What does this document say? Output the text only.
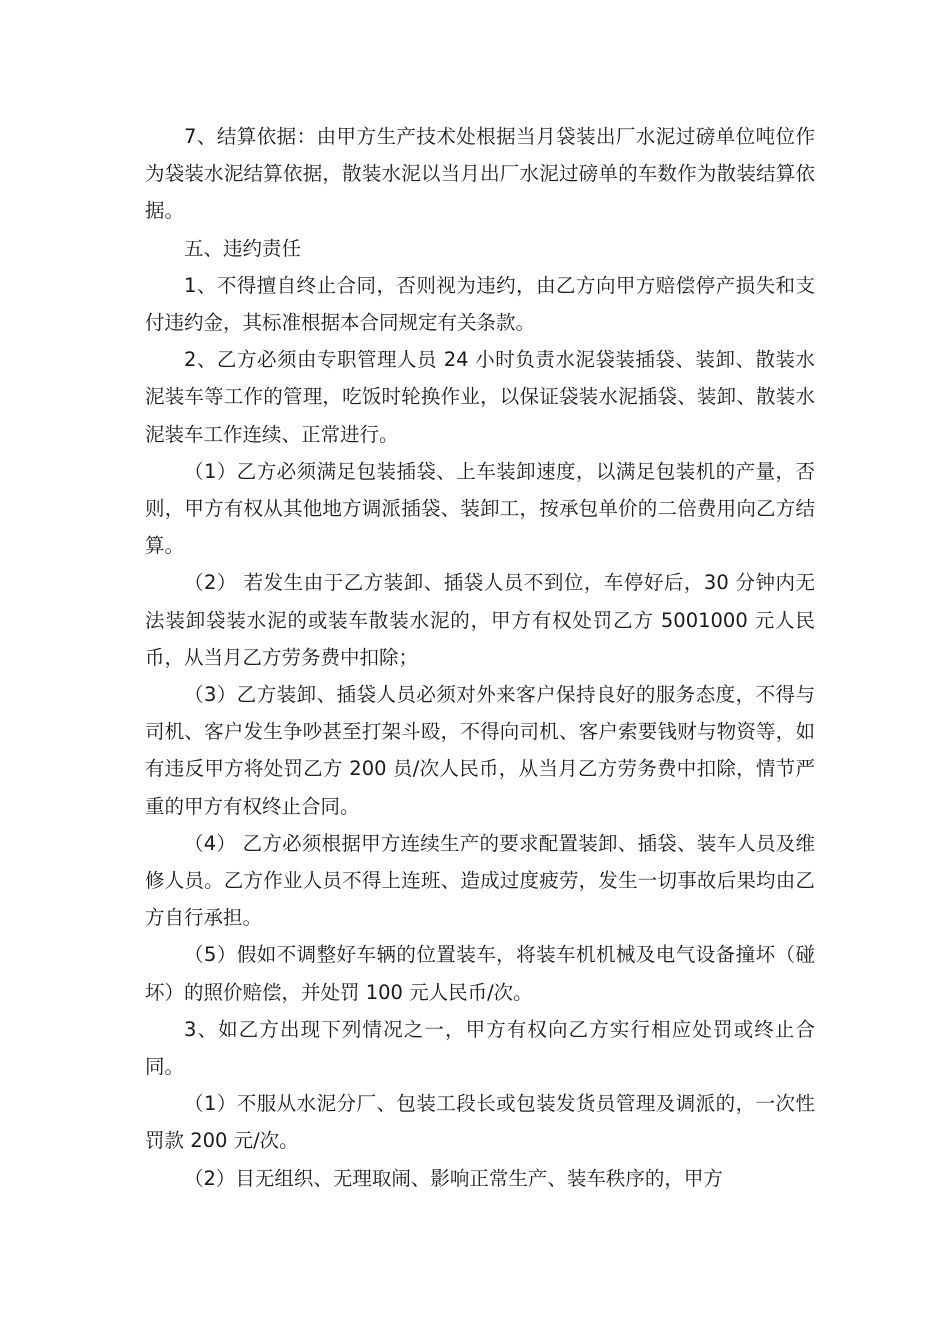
7、结算依据：由甲方生产技术处根据当月袋装出厂水泥过磅单位吨位作为袋装水泥结算依据，散装水泥以当月出厂水泥过磅单的车数作为散装结算依据。

五、违约责任

1、不得擅自终止合同，否则视为违约，由乙方向甲方赔偿停产损失和支付违约金，其标准根据本合同规定有关条款。

2、乙方必须由专职管理人员 24 小时负责水泥袋装插袋、装卸、散装水泥装车等工作的管理，吃饭时轮换作业，以保证袋装水泥插袋、装卸、散装水泥装车工作连续、正常进行。

（1）乙方必须满足包装插袋、上车装卸速度，以满足包装机的产量，否则，甲方有权从其他地方调派插袋、装卸工，按承包单价的二倍费用向乙方结算。

（2） 若发生由于乙方装卸、插袋人员不到位，车停好后，30 分钟内无法装卸袋装水泥的或装车散装水泥的，甲方有权处罚乙方 5001000 元人民币，从当月乙方劳务费中扣除；

（3）乙方装卸、插袋人员必须对外来客户保持良好的服务态度，不得与司机、客户发生争吵甚至打架斗殴，不得向司机、客户索要钱财与物资等，如有违反甲方将处罚乙方 200 员/次人民币，从当月乙方劳务费中扣除，情节严重的甲方有权终止合同。

（4） 乙方必须根据甲方连续生产的要求配置装卸、插袋、装车人员及维修人员。乙方作业人员不得上连班、造成过度疲劳，发生一切事故后果均由乙方自行承担。

（5）假如不调整好车辆的位置装车，将装车机机械及电气设备撞坏（碰坏）的照价赔偿，并处罚 100 元人民币/次。

3、如乙方出现下列情况之一，甲方有权向乙方实行相应处罚或终止合同。

（1）不服从水泥分厂、包装工段长或包装发货员管理及调派的，一次性罚款 200 元/次。

（2）目无组织、无理取闹、影响正常生产、装车秩序的，甲方
